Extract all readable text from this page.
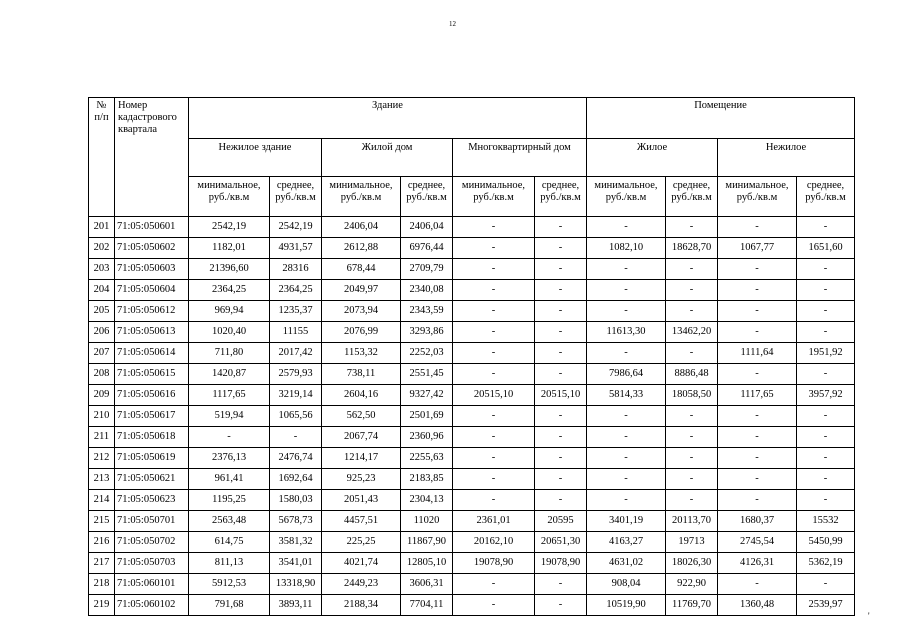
12
№ п/п	Номер кадастрового квартала	Здание						Помещение			
		Нежилое здание		Жилой дом		Многоквартирный дом		Жилое		Нежилое	
		минимальное, руб./кв.м	среднее, руб./кв.м	минимальное, руб./кв.м	среднее, руб./кв.м	минимальное, руб./кв.м	среднее, руб./кв.м	минимальное, руб./кв.м	среднее, руб./кв.м	минимальное, руб./кв.м	среднее, руб./кв.м
201	71:05:050601	2542,19	2542,19	2406,04	2406,04	-	-	-	-	-	-
202	71:05:050602	1182,01	4931,57	2612,88	6976,44	-	-	1082,10	18628,70	1067,77	1651,60
203	71:05:050603	21396,60	28316	678,44	2709,79	-	-	-	-	-	-
204	71:05:050604	2364,25	2364,25	2049,97	2340,08	-	-	-	-	-	-
205	71:05:050612	969,94	1235,37	2073,94	2343,59	-	-	-	-	-	-
206	71:05:050613	1020,40	11155	2076,99	3293,86	-	-	11613,30	13462,20	-	-
207	71:05:050614	711,80	2017,42	1153,32	2252,03	-	-	-	-	1111,64	1951,92
208	71:05:050615	1420,87	2579,93	738,11	2551,45	-	-	7986,64	8886,48	-	-
209	71:05:050616	1117,65	3219,14	2604,16	9327,42	20515,10	20515,10	5814,33	18058,50	1117,65	3957,92
210	71:05:050617	519,94	1065,56	562,50	2501,69	-	-	-	-	-	-
211	71:05:050618	-	-	2067,74	2360,96	-	-	-	-	-	-
212	71:05:050619	2376,13	2476,74	1214,17	2255,63	-	-	-	-	-	-
213	71:05:050621	961,41	1692,64	925,23	2183,85	-	-	-	-	-	-
214	71:05:050623	1195,25	1580,03	2051,43	2304,13	-	-	-	-	-	-
215	71:05:050701	2563,48	5678,73	4457,51	11020	2361,01	20595	3401,19	20113,70	1680,37	15532
216	71:05:050702	614,75	3581,32	225,25	11867,90	20162,10	20651,30	4163,27	19713	2745,54	5450,99
217	71:05:050703	811,13	3541,01	4021,74	12805,10	19078,90	19078,90	4631,02	18026,30	4126,31	5362,19
218	71:05:060101	5912,53	13318,90	2449,23	3606,31	-	-	908,04	922,90	-	-
219	71:05:060102	791,68	3893,11	2188,34	7704,11	-	-	10519,90	11769,70	1360,48	2539,97
'
